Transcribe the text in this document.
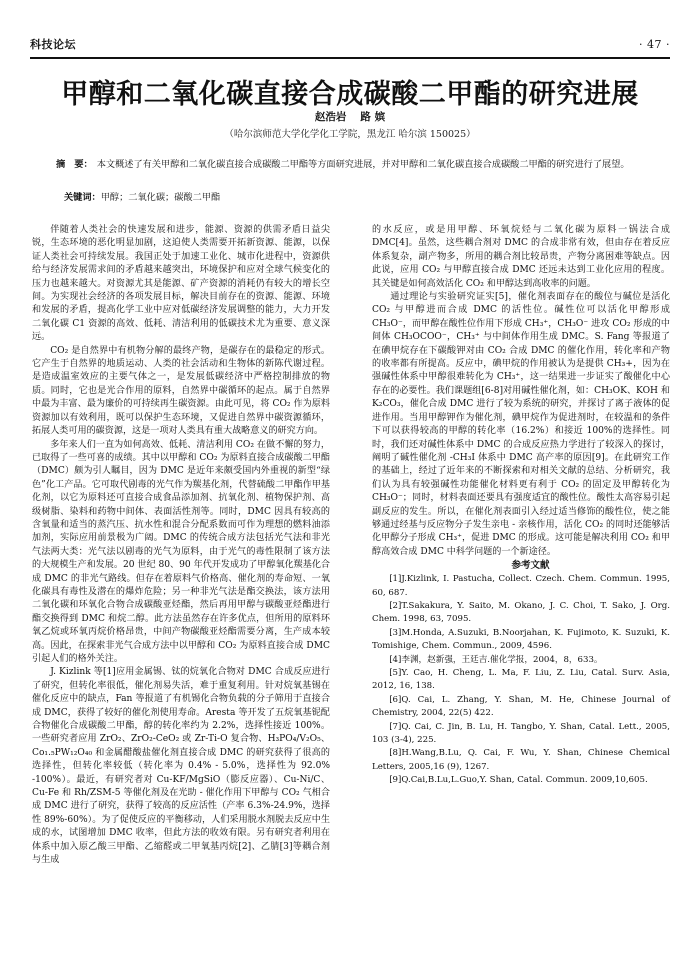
科技论坛	· 47 ·
甲醇和二氧化碳直接合成碳酸二甲酯的研究进展
赵浩岩 路 嫔
（哈尔滨师范大学化学化工学院，黑龙江 哈尔滨 150025）
摘　要： 本文概述了有关甲醇和二氧化碳直接合成碳酸二甲酯等方面研究进展，并对甲醇和二氧化碳直接合成碳酸二甲酯的研究进行了展望。
关键词：甲醇；二氧化碳；碳酸二甲酯

伴随着人类社会的快速发展和进步，能源、资源的供需矛盾日益尖锐，生态环境的恶化明显加剧，这迫使人类需要开拓新资源、能源，以保证人类社会可持续发展。我国正处于加速工业化、城市化进程中，资源供给与经济发展需求间的矛盾越来越突出，环境保护和应对全球气候变化的压力也越来越大。对资源尤其是能源、矿产资源的消耗仍有较大的增长空间。为实现社会经济的各项发展目标，解决目前存在的资源、能源、环境和发展的矛盾，提高化学工业中应对低碳经济发展调整的能力，大力开发二氧化碳 C1 资源的高效、低耗、清洁利用的低碳技术尤为重要、意义深远。

CO₂ 是自然界中有机物分解的最终产物，是碳存在的最稳定的形式。它产生于自然界的地质运动、人类的社会活动和生物体的新陈代谢过程。是造成温室效应的主要气体之一，是发展低碳经济中严格控制排放的物质。同时，它也是光合作用的原料，自然界中碳循环的起点。属于自然界中最为丰富、最为廉价的可持续再生碳资源。由此可见，将 CO₂ 作为原料资源加以有效利用，既可以保护生态环境，又促进自然界中碳资源循环，拓展人类可用的碳资源，这是一项对人类具有重大战略意义的研究方向。

多年来人们一直为如何高效、低耗、清洁利用 CO₂ 在做不懈的努力，已取得了一些可喜的成绩。其中以甲醇和 CO₂ 为原料直接合成碳酸二甲酯（DMC）颇为引人瞩目，因为 DMC 是近年来颇受国内外重视的新型“绿色”化工产品。它可取代剧毒的光气作为羰基化剂，代替硫酸二甲酯作甲基化剂，以它为原料还可直接合成食品添加剂、抗氧化剂、植物保护剂、高级树脂、染料和药物中间体、表面活性剂等。同时，DMC 因具有较高的含氧量和适当的蒸汽压、抗水性和混合分配系数而可作为理想的燃料油添加剂，实际应用前景极为广阔。DMC 的传统合成方法包括光气法和非光气法两大类：光气法以剧毒的光气为原料，由于光气的毒性限制了该方法的大规模生产和发展。20 世纪 80、90 年代开发成功了甲醇氧化羰基化合成 DMC 的非光气路线。但存在着原料气价格高、催化剂的寿命短、一氧化碳具有毒性及潜在的爆炸危险；另一种非光气法是酯交换法，该方法用二氧化碳和环氧化合物合成碳酸亚烃酯，然后再用甲醇与碳酸亚烃酯进行酯交换得到 DMC 和烷二醇。此方法虽然存在许多优点，但所用的原料环氧乙烷或环氧丙烷价格昂贵，中间产物碳酸亚烃酯需要分离，生产成本较高。因此，在探索非光气合成方法中以甲醇和 CO₂ 为原料直接合成 DMC 引起人们的格外关注。

J. Kizlink 等[1]应用金属锡、钛的烷氧化合物对 DMC 合成反应进行了研究，但转化率很低，催化剂易失活，难于重复利用。针对烷氧基锡在催化反应中的缺点，Fan 等报道了有机锡化合物负载的分子筛用于直接合成 DMC，获得了较好的催化剂使用寿命。Aresta 等开发了五烷氧基铌配合物催化合成碳酸二甲酯，醇的转化率约为 2.2%，选择性接近 100%。一些研究者应用 ZrO₂、ZrO₂-CeO₂ 或 Zr-Ti-O 复合物、H₃PO₄/V₂O₅、Co₁.₅PW₁₂O₄₀ 和金属醋酸盐催化剂直接合成 DMC 的研究获得了很高的选择性，但转化率较低（转化率为 0.4% - 5.0%，选择性为 92.0% -100%）。最近，有研究者对 Cu-KF/MgSiO（膨反应器）、Cu-Ni/C、Cu-Fe 和 Rh/ZSM-5 等催化剂及在光助 - 催化作用下甲醇与 CO₂ 气相合成 DMC 进行了研究，获得了较高的反应活性（产率 6.3%-24.9%，选择性 89%-60%）。为了促使反应的平衡移动，人们采用脱水剂脱去反应中生成的水，试图增加 DMC 收率，但此方法的收效有限。另有研究者利用在体系中加入原乙酸三甲酯、乙缩醛或二甲氧基丙烷[2]、乙腈[3]等耦合剂与生成

的水反应，或是用甲醇、环氧烷烃与二氧化碳为原料一锅法合成 DMC[4]。虽然，这些耦合剂对 DMC 的合成非常有效，但由存在着反应体系复杂，副产物多，所用的耦合剂比较昂贵，产物分离困难等缺点。因此说，应用 CO₂ 与甲醇直接合成 DMC 还远未达到工业化应用的程度。其关键是如何高效活化 CO₂ 和甲醇达到高收率的问题。

通过理论与实验研究证实[5]，催化剂表面存在的酸位与碱位是活化 CO₂ 与甲醇进而合成 DMC 的活性位。碱性位可以活化甲醇形成 CH₃O⁻，而甲醇在酸性位作用下形成 CH₃⁺，CH₃O⁻ 进攻 CO₂ 形成的中间体 CH₃OCOO⁻，CH₃⁺ 与中间体作用生成 DMC。S. Fang 等报道了在碘甲烷存在下碳酸钾对由 CO₂ 合成 DMC 的催化作用，转化率和产物的收率都有所提高。反应中，碘甲烷的作用被认为是提供 CH₃+，因为在强碱性体系中甲醇很难转化为 CH₃⁺，这一结果进一步证实了酸催化中心存在的必要性。我们课题组[6-8]对用碱性催化剂，如：CH₃OK、KOH 和 K₂CO₃，催化合成 DMC 进行了较为系统的研究，并探讨了离子液体的促进作用。当用甲醇钾作为催化剂，碘甲烷作为促进剂时，在较温和的条件下可以获得较高的甲醇的转化率（16.2%）和接近 100%的选择性。同时，我们还对碱性体系中 DMC 的合成反应热力学进行了较深入的探讨，阐明了碱性催化剂 -CH₃I 体系中 DMC 高产率的原因[9]。在此研究工作的基础上，经过了近年来的不断探索和对相关文献的总结、分析研究，我们认为具有较强碱性功能催化材料更有利于 CO₂ 的固定及甲醇转化为 CH₃O⁻；同时，材料表面还要具有强度适宜的酸性位。酸性太高容易引起副反应的发生。所以，在催化剂表面引入经过适当修饰的酸性位，使之能够通过经基与反应物分子发生亲电 - 亲核作用，活化 CO₂ 的同时还能够活化甲醇分子形成 CH₃⁺，促进 DMC 的形成。这可能是解决利用 CO₂ 和甲醇高效合成 DMC 中科学问题的一个新途径。

参考文献

[1]J.Kizlink, I. Pastucha, Collect. Czech. Chem. Commun. 1995, 60, 687.

[2]T.Sakakura, Y. Saito, M. Okano, J. C. Choi, T. Sako, J. Org. Chem. 1998, 63, 7095.

[3]M.Honda, A.Suzuki, B.Noorjahan, K. Fujimoto, K. Suzuki, K. Tomishige, Chem. Commun., 2009, 4596.

[4]李渊，赵新强，王廷吉.催化学报，2004，8，633。

[5]Y. Cao, H. Cheng, L. Ma, F. Liu, Z. Liu, Catal. Surv. Asia, 2012, 16, 138.

[6]Q. Cai, L. Zhang, Y. Shan, M. He, Chinese Journal of Chemistry, 2004, 22(5) 422.

[7]Q. Cai, C. Jin, B. Lu, H. Tangbo, Y. Shan, Catal. Lett., 2005, 103 (3-4), 225.

[8]H.Wang,B.Lu, Q. Cai, F. Wu, Y. Shan, Chinese Chemical Letters, 2005,16 (9), 1267.

[9]Q.Cai,B.Lu,L.Guo,Y. Shan, Catal. Commun. 2009,10,605.
